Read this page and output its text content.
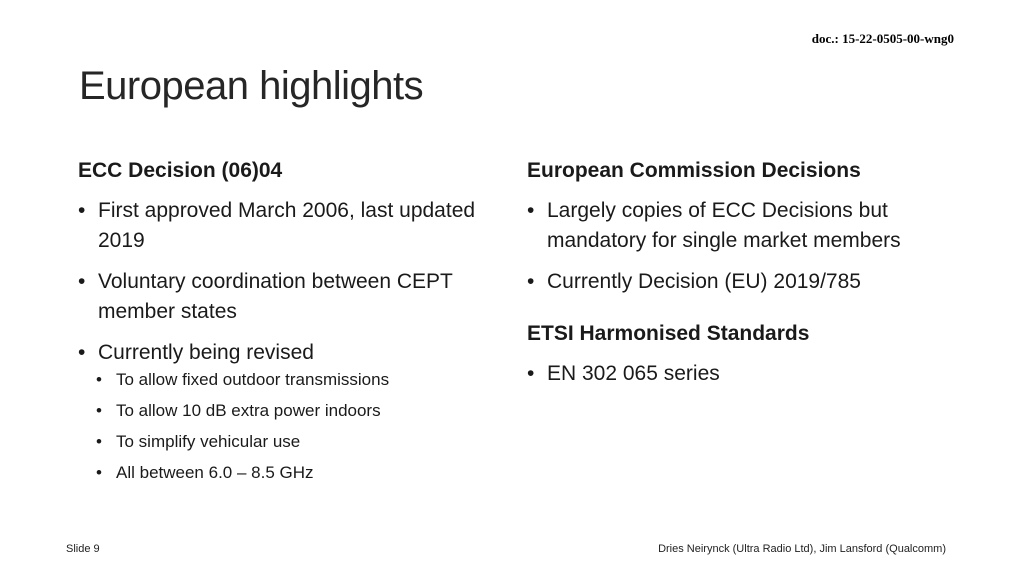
doc.: 15-22-0505-00-wng0
European highlights
ECC Decision (06)04
• First approved March 2006, last updated 2019
• Voluntary coordination between CEPT member states
• Currently being revised
• To allow fixed outdoor transmissions
• To allow 10 dB extra power indoors
• To simplify vehicular use
• All between 6.0 – 8.5 GHz
European Commission Decisions
• Largely copies of ECC Decisions but mandatory for single market members
• Currently Decision (EU) 2019/785
ETSI Harmonised Standards
• EN 302 065 series
Slide 9	Dries Neirynck (Ultra Radio Ltd), Jim Lansford (Qualcomm)
